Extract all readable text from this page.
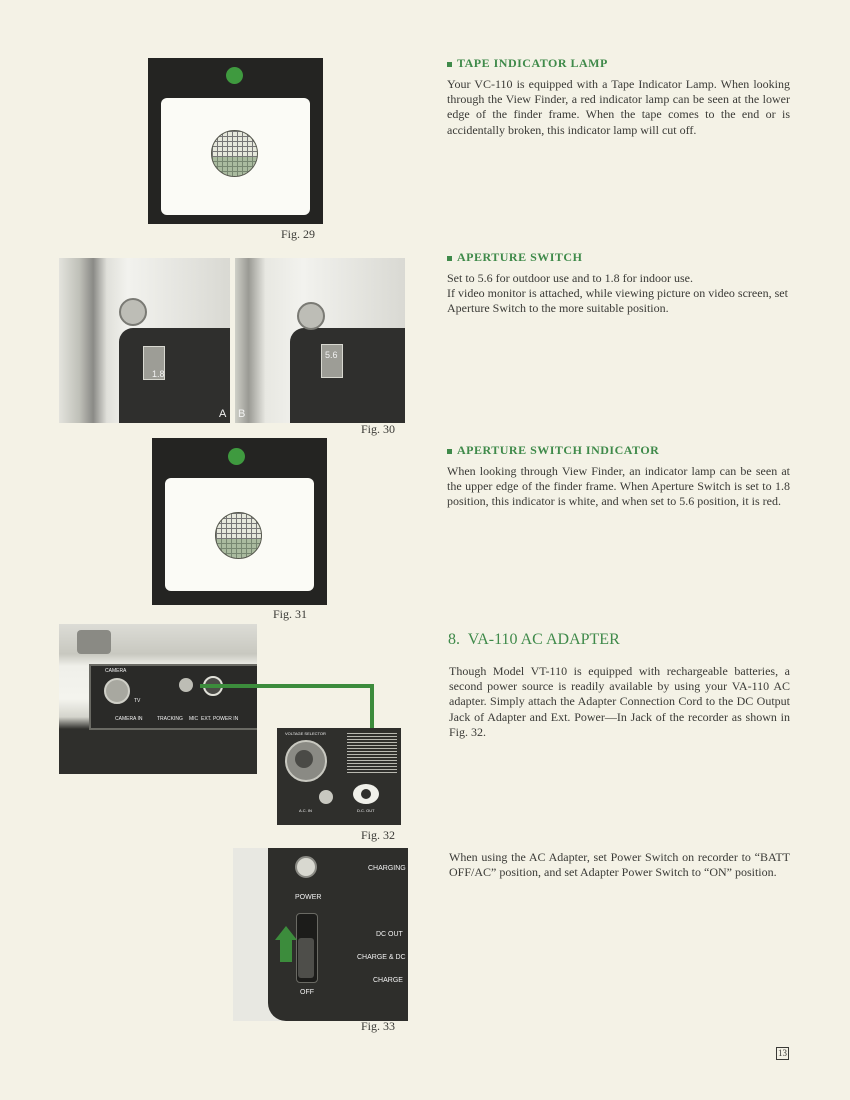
Fig. 29
1.8
A
5.6
B
Fig. 30
Fig. 31
CAMERA
TV
CAMERA IN	TRACKING MIC EXT. POWER IN
VOLTAGE SELECTOR
A.C. IN	D.C. OUT
Fig. 32
CHARGING
POWER
DC OUT
CHARGE & DC
CHARGE
OFF
Fig. 33
TAPE INDICATOR LAMP

Your VC-110 is equipped with a Tape Indicator Lamp. When looking through the View Finder, a red indicator lamp can be seen at the lower edge of the finder frame. When the tape comes to the end or is accidentally broken, this indicator lamp will cut off.

APERTURE SWITCH

Set to 5.6 for outdoor use and to 1.8 for indoor use.

If video monitor is attached, while viewing picture on video screen, set Aperture Switch to the more suitable position.

APERTURE SWITCH INDICATOR

When looking through View Finder, an indicator lamp can be seen at the upper edge of the finder frame. When Aperture Switch is set to 1.8 position, this indicator is white, and when set to 5.6 position, it is red.

8.  VA-110 AC ADAPTER

Though Model VT-110 is equipped with rechargeable batteries, a second power source is readily available by using your VA-110 AC adapter. Simply attach the Adapter Connection Cord to the DC Output Jack of Adapter and Ext. Power—In Jack of the recorder as shown in Fig. 32.

When using the AC Adapter, set Power Switch on recorder to “BATT OFF/AC” position, and set Adapter Power Switch to “ON” position.

13
